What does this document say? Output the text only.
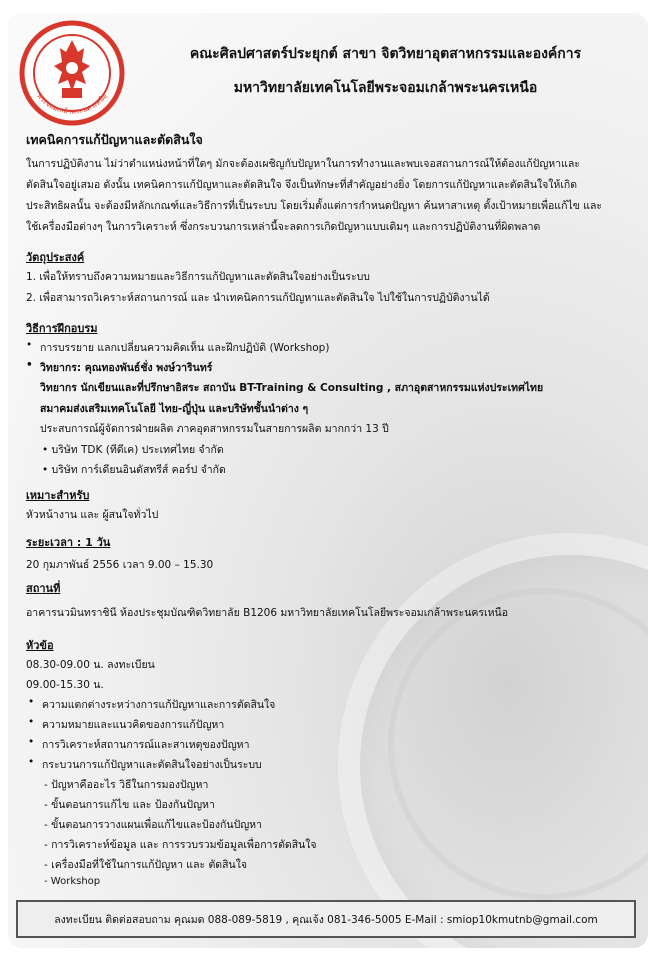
พระจอมเกล้าพระนครเหนือ
คณะศิลปศาสตร์ประยุกต์ สาขา จิตวิทยาอุตสาหกรรมและองค์การ
มหาวิทยาลัยเทคโนโลยีพระจอมเกล้าพระนครเหนือ
เทคนิคการแก้ปัญหาและตัดสินใจ

ในการปฏิบัติงาน ไม่ว่าตำแหน่งหน้าที่ใดๆ มักจะต้องเผชิญกับปัญหาในการทำงานและพบเจอสถานการณ์ให้ต้องแก้ปัญหาและ
ตัดสินใจอยู่เสมอ ดังนั้น เทคนิคการแก้ปัญหาและตัดสินใจ จึงเป็นทักษะที่สำคัญอย่างยิ่ง โดยการแก้ปัญหาและตัดสินใจให้เกิด
ประสิทธิผลนั้น จะต้องมีหลักเกณฑ์และวิธีการที่เป็นระบบ โดยเริ่มตั้งแต่การกำหนดปัญหา ค้นหาสาเหตุ ตั้งเป้าหมายเพื่อแก้ไข และ
ใช้เครื่องมือต่างๆ ในการวิเคราะห์ ซึ่งกระบวนการเหล่านี้จะลดการเกิดปัญหาแบบเดิมๆ และการปฏิบัติงานที่ผิดพลาด

วัตถุประสงค์
1. เพื่อให้ทราบถึงความหมายและวิธีการแก้ปัญหาและตัดสินใจอย่างเป็นระบบ
2. เพื่อสามารถวิเคราะห์สถานการณ์ และ นำเทคนิคการแก้ปัญหาและตัดสินใจ ไปใช้ในการปฏิบัติงานได้
วิธีการฝึกอบรม
• การบรรยาย แลกเปลี่ยนความคิดเห็น และฝึกปฏิบัติ (Workshop)
• วิทยากร: คุณทองพันธ์ชั่ง พงษ์วารินทร์
วิทยากร นักเขียนและที่ปรึกษาอิสระ สถาบัน BT-Training & Consulting , สภาอุตสาหกรรมแห่งประเทศไทย
สมาคมส่งเสริมเทคโนโลยี ไทย-ญี่ปุ่น และบริษัทชั้นนำต่าง ๆ
ประสบการณ์ผู้จัดการฝ่ายผลิต ภาคอุตสาหกรรมในสายการผลิต มากกว่า 13 ปี
• บริษัท TDK (ทีดีเค) ประเทศไทย จำกัด
• บริษัท การ์เดียนอินดัสทรีส์ คอร์ป จำกัด
เหมาะสำหรับ
หัวหน้างาน และ ผู้สนใจทั่วไป
ระยะเวลา : 1 วัน
20 กุมภาพันธ์ 2556 เวลา 9.00 – 15.30
สถานที่
อาคารนวมินทราชินี ห้องประชุมบัณฑิตวิทยาลัย B1206 มหาวิทยาลัยเทคโนโลยีพระจอมเกล้าพระนครเหนือ
หัวข้อ
08.30-09.00 น. ลงทะเบียน
09.00-15.30 น.
• ความแตกต่างระหว่างการแก้ปัญหาและการตัดสินใจ
• ความหมายและแนวคิดของการแก้ปัญหา
• การวิเคราะห์สถานการณ์และสาเหตุของปัญหา
• กระบวนการแก้ปัญหาและตัดสินใจอย่างเป็นระบบ
- ปัญหาคืออะไร วิธีในการมองปัญหา
- ขั้นตอนการแก้ไข และ ป้องกันปัญหา
- ขั้นตอนการวางแผนเพื่อแก้ไขและป้องกันปัญหา
- การวิเคราะห์ข้อมูล และ การรวบรวมข้อมูลเพื่อการตัดสินใจ
- เครื่องมือที่ใช้ในการแก้ปัญหา และ ตัดสินใจ
- Workshop
ลงทะเบียน ติดต่อสอบถาม คุณมด 088-089-5819 , คุณเจ้ง 081-346-5005 E-Mail : smiop10kmutnb@gmail.com
